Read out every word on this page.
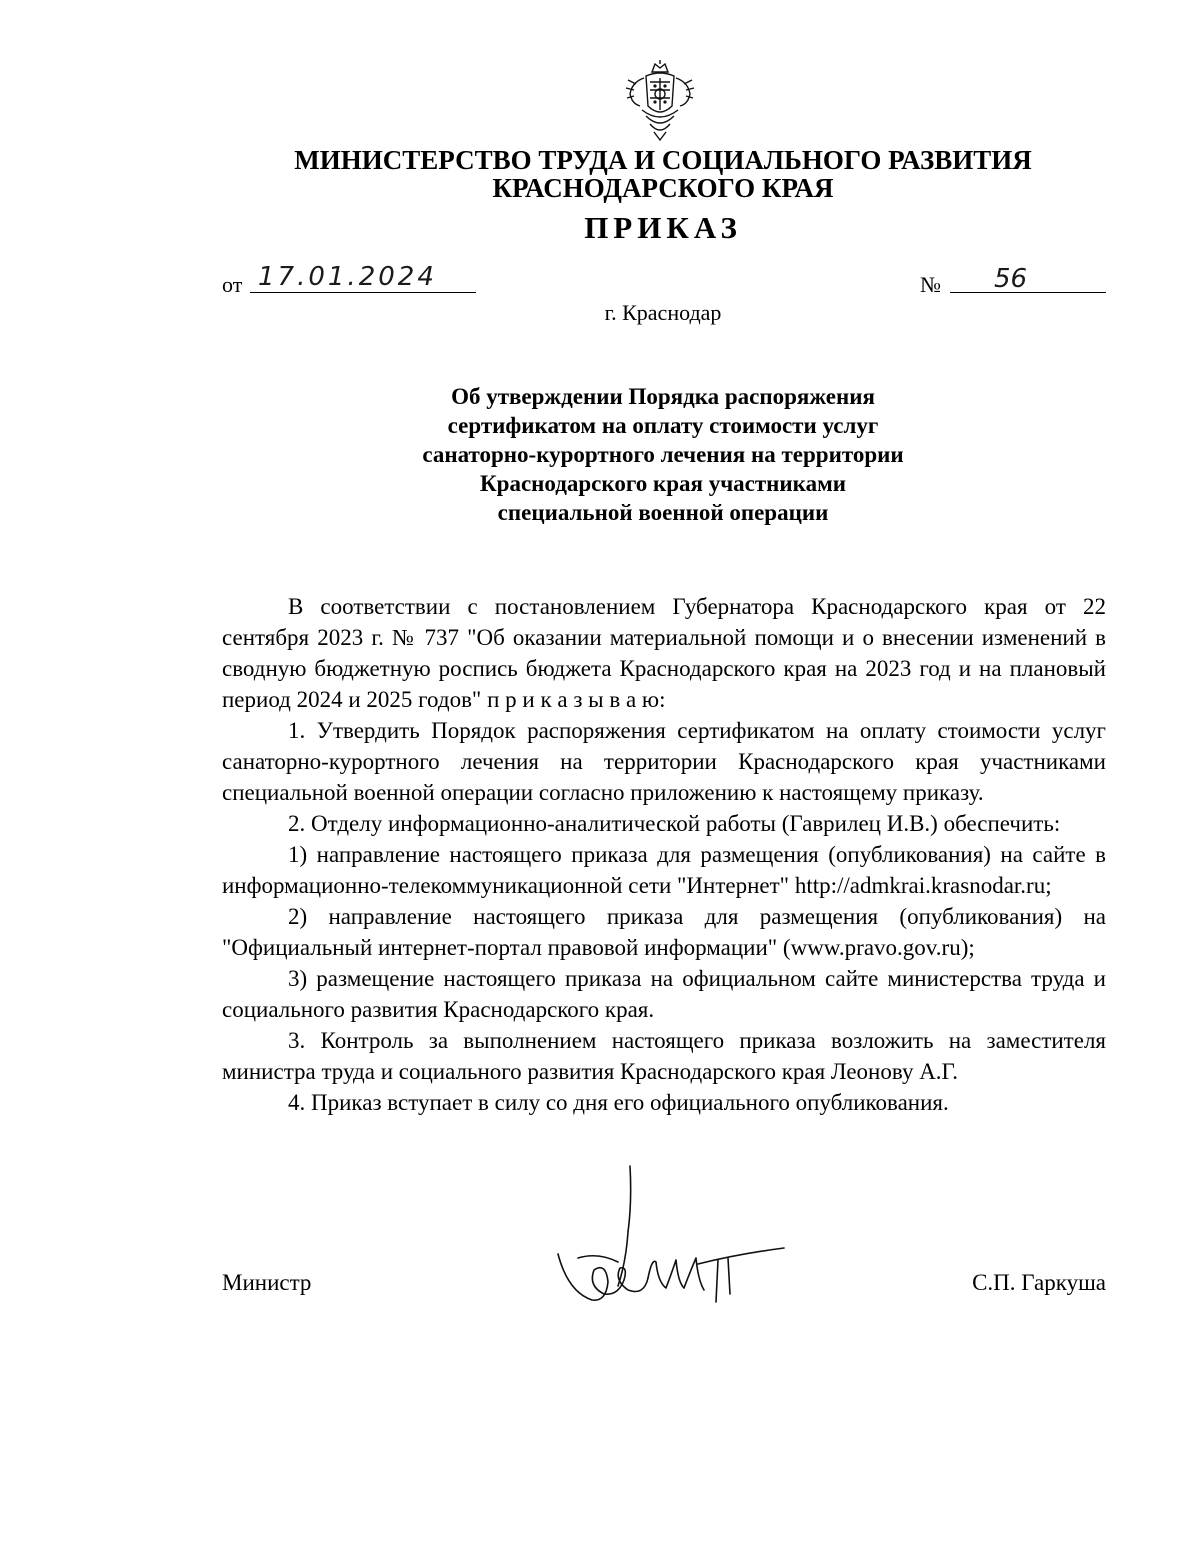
МИНИСТЕРСТВО ТРУДА И СОЦИАЛЬНОГО РАЗВИТИЯ
КРАСНОДАРСКОГО КРАЯ
ПРИКАЗ
от 17.01.2024	№ 56
г. Краснодар
Об утверждении Порядка распоряжения
сертификатом на оплату стоимости услуг
санаторно-курортного лечения на территории
Краснодарского края участниками
специальной военной операции

В соответствии с постановлением Губернатора Краснодарского края от 22 сентября 2023 г. № 737 "Об оказании материальной помощи и о внесении изменений в сводную бюджетную роспись бюджета Краснодарского края на 2023 год и на плановый период 2024 и 2025 годов" п р и к а з ы в а ю:

1. Утвердить Порядок распоряжения сертификатом на оплату стоимости услуг санаторно-курортного лечения на территории Краснодарского края участниками специальной военной операции согласно приложению к настоящему приказу.

2. Отделу информационно-аналитической работы (Гаврилец И.В.) обеспечить:

1) направление настоящего приказа для размещения (опубликования) на сайте в информационно-телекоммуникационной сети "Интернет" http://admkrai.krasnodar.ru;

2) направление настоящего приказа для размещения (опубликования) на "Официальный интернет-портал правовой информации" (www.pravo.gov.ru);

3) размещение настоящего приказа на официальном сайте министерства труда и социального развития Краснодарского края.

3. Контроль за выполнением настоящего приказа возложить на заместителя министра труда и социального развития Краснодарского края Леонову А.Г.

4. Приказ вступает в силу со дня его официального опубликования.

Министр	С.П. Гаркуша
